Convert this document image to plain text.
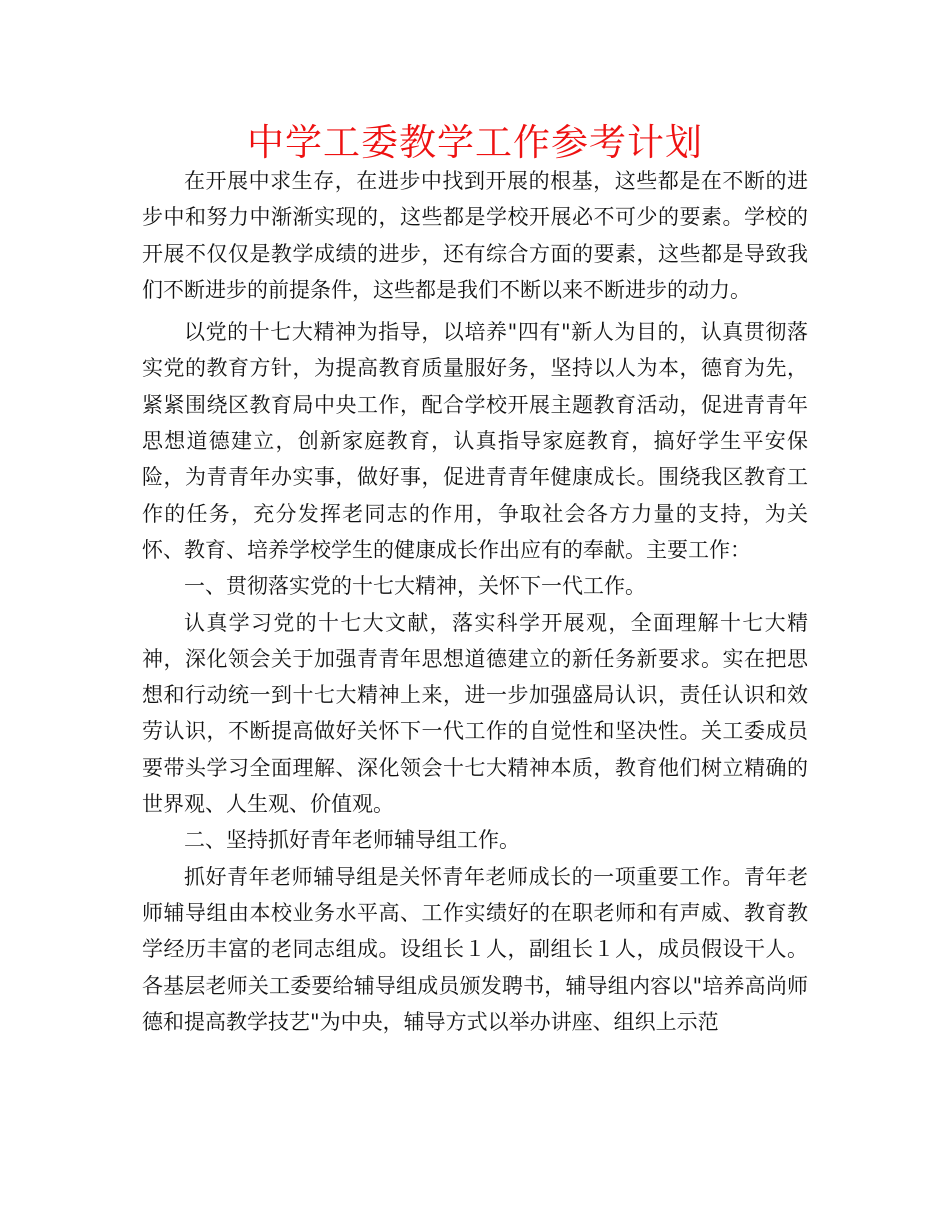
中学工委教学工作参考计划

在开展中求生存，在进步中找到开展的根基，这些都是在不断的进步中和努力中渐渐实现的，这些都是学校开展必不可少的要素。学校的开展不仅仅是教学成绩的进步，还有综合方面的要素，这些都是导致我们不断进步的前提条件，这些都是我们不断以来不断进步的动力。

以党的十七大精神为指导，以培养"四有"新人为目的，认真贯彻落实党的教育方针，为提高教育质量服好务，坚持以人为本，德育为先，紧紧围绕区教育局中央工作，配合学校开展主题教育活动，促进青青年思想道德建立，创新家庭教育，认真指导家庭教育，搞好学生平安保险，为青青年办实事，做好事，促进青青年健康成长。围绕我区教育工作的任务，充分发挥老同志的作用，争取社会各方力量的支持，为关怀、教育、培养学校学生的健康成长作出应有的奉献。主要工作：

一、贯彻落实党的十七大精神，关怀下一代工作。

认真学习党的十七大文献，落实科学开展观，全面理解十七大精神，深化领会关于加强青青年思想道德建立的新任务新要求。实在把思想和行动统一到十七大精神上来，进一步加强盛局认识，责任认识和效劳认识，不断提高做好关怀下一代工作的自觉性和坚决性。关工委成员要带头学习全面理解、深化领会十七大精神本质，教育他们树立精确的世界观、人生观、价值观。

二、坚持抓好青年老师辅导组工作。

抓好青年老师辅导组是关怀青年老师成长的一项重要工作。青年老师辅导组由本校业务水平高、工作实绩好的在职老师和有声威、教育教学经历丰富的老同志组成。设组长１人，副组长１人，成员假设干人。各基层老师关工委要给辅导组成员颁发聘书，辅导组内容以"培养高尚师德和提高教学技艺"为中央，辅导方式以举办讲座、组织上示范
